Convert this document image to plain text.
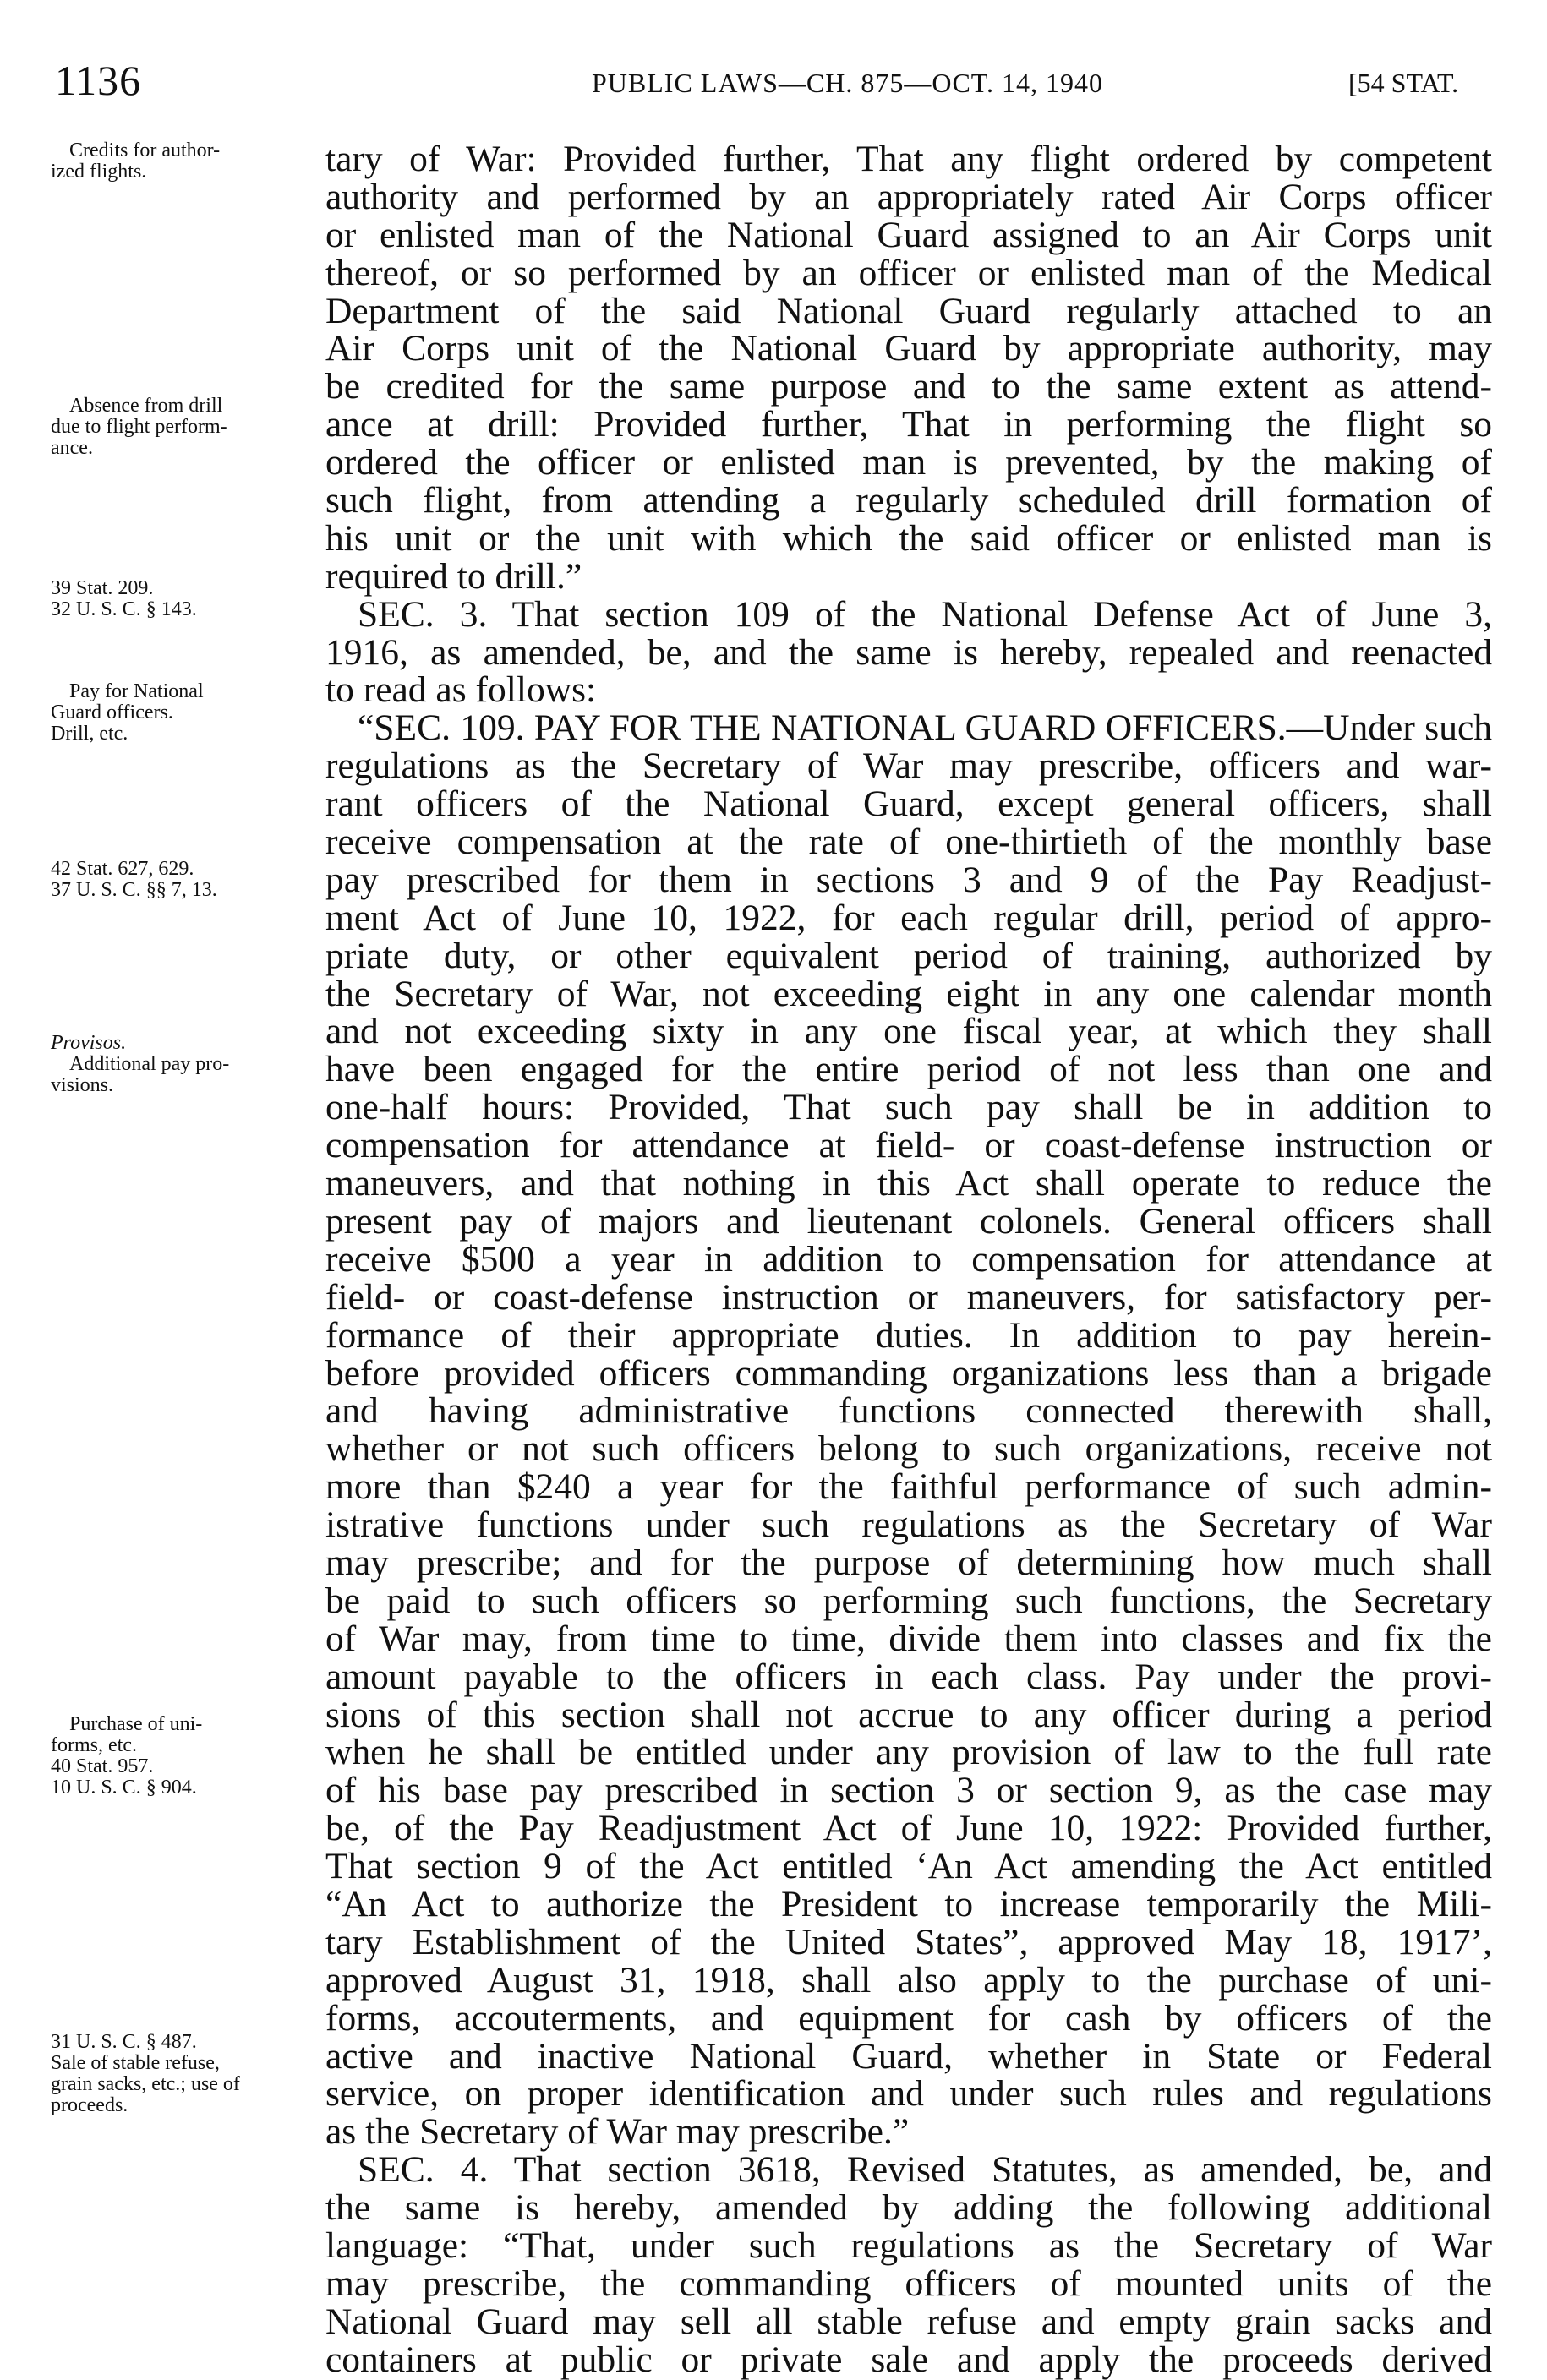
1136	PUBLIC LAWS—CH. 875—OCT. 14, 1940	[54 STAT.
Credits for author-
ized flights.
Absence from drill
due to flight perform-
ance.
39 Stat. 209.
32 U. S. C. § 143.
Pay for National
Guard officers.
Drill, etc.
42 Stat. 627, 629.
37 U. S. C. §§ 7, 13.
Provisos.
Additional pay pro-
visions.
Purchase of uni-
forms, etc.
40 Stat. 957.
10 U. S. C. § 904.
31 U. S. C. § 487.
Sale of stable refuse,
grain sacks, etc.; use of
proceeds.
tary of War: Provided further, That any flight ordered by competent
authority and performed by an appropriately rated Air Corps officer
or enlisted man of the National Guard assigned to an Air Corps unit
thereof, or so performed by an officer or enlisted man of the Medical
Department of the said National Guard regularly attached to an
Air Corps unit of the National Guard by appropriate authority, may
be credited for the same purpose and to the same extent as attend-
ance at drill: Provided further, That in performing the flight so
ordered the officer or enlisted man is prevented, by the making of
such flight, from attending a regularly scheduled drill formation of
his unit or the unit with which the said officer or enlisted man is
required to drill.”
SEC. 3. That section 109 of the National Defense Act of June 3,
1916, as amended, be, and the same is hereby, repealed and reenacted
to read as follows:
“SEC. 109. PAY FOR THE NATIONAL GUARD OFFICERS.—Under such
regulations as the Secretary of War may prescribe, officers and war-
rant officers of the National Guard, except general officers, shall
receive compensation at the rate of one-thirtieth of the monthly base
pay prescribed for them in sections 3 and 9 of the Pay Readjust-
ment Act of June 10, 1922, for each regular drill, period of appro-
priate duty, or other equivalent period of training, authorized by
the Secretary of War, not exceeding eight in any one calendar month
and not exceeding sixty in any one fiscal year, at which they shall
have been engaged for the entire period of not less than one and
one-half hours: Provided, That such pay shall be in addition to
compensation for attendance at field- or coast-defense instruction or
maneuvers, and that nothing in this Act shall operate to reduce the
present pay of majors and lieutenant colonels. General officers shall
receive $500 a year in addition to compensation for attendance at
field- or coast-defense instruction or maneuvers, for satisfactory per-
formance of their appropriate duties. In addition to pay herein-
before provided officers commanding organizations less than a brigade
and having administrative functions connected therewith shall,
whether or not such officers belong to such organizations, receive not
more than $240 a year for the faithful performance of such admin-
istrative functions under such regulations as the Secretary of War
may prescribe; and for the purpose of determining how much shall
be paid to such officers so performing such functions, the Secretary
of War may, from time to time, divide them into classes and fix the
amount payable to the officers in each class. Pay under the provi-
sions of this section shall not accrue to any officer during a period
when he shall be entitled under any provision of law to the full rate
of his base pay prescribed in section 3 or section 9, as the case may
be, of the Pay Readjustment Act of June 10, 1922: Provided further,
That section 9 of the Act entitled ‘An Act amending the Act entitled
“An Act to authorize the President to increase temporarily the Mili-
tary Establishment of the United States”, approved May 18, 1917’,
approved August 31, 1918, shall also apply to the purchase of uni-
forms, accouterments, and equipment for cash by officers of the
active and inactive National Guard, whether in State or Federal
service, on proper identification and under such rules and regulations
as the Secretary of War may prescribe.”
SEC. 4. That section 3618, Revised Statutes, as amended, be, and
the same is hereby, amended by adding the following additional
language: “That, under such regulations as the Secretary of War
may prescribe, the commanding officers of mounted units of the
National Guard may sell all stable refuse and empty grain sacks and
containers at public or private sale and apply the proceeds derived
